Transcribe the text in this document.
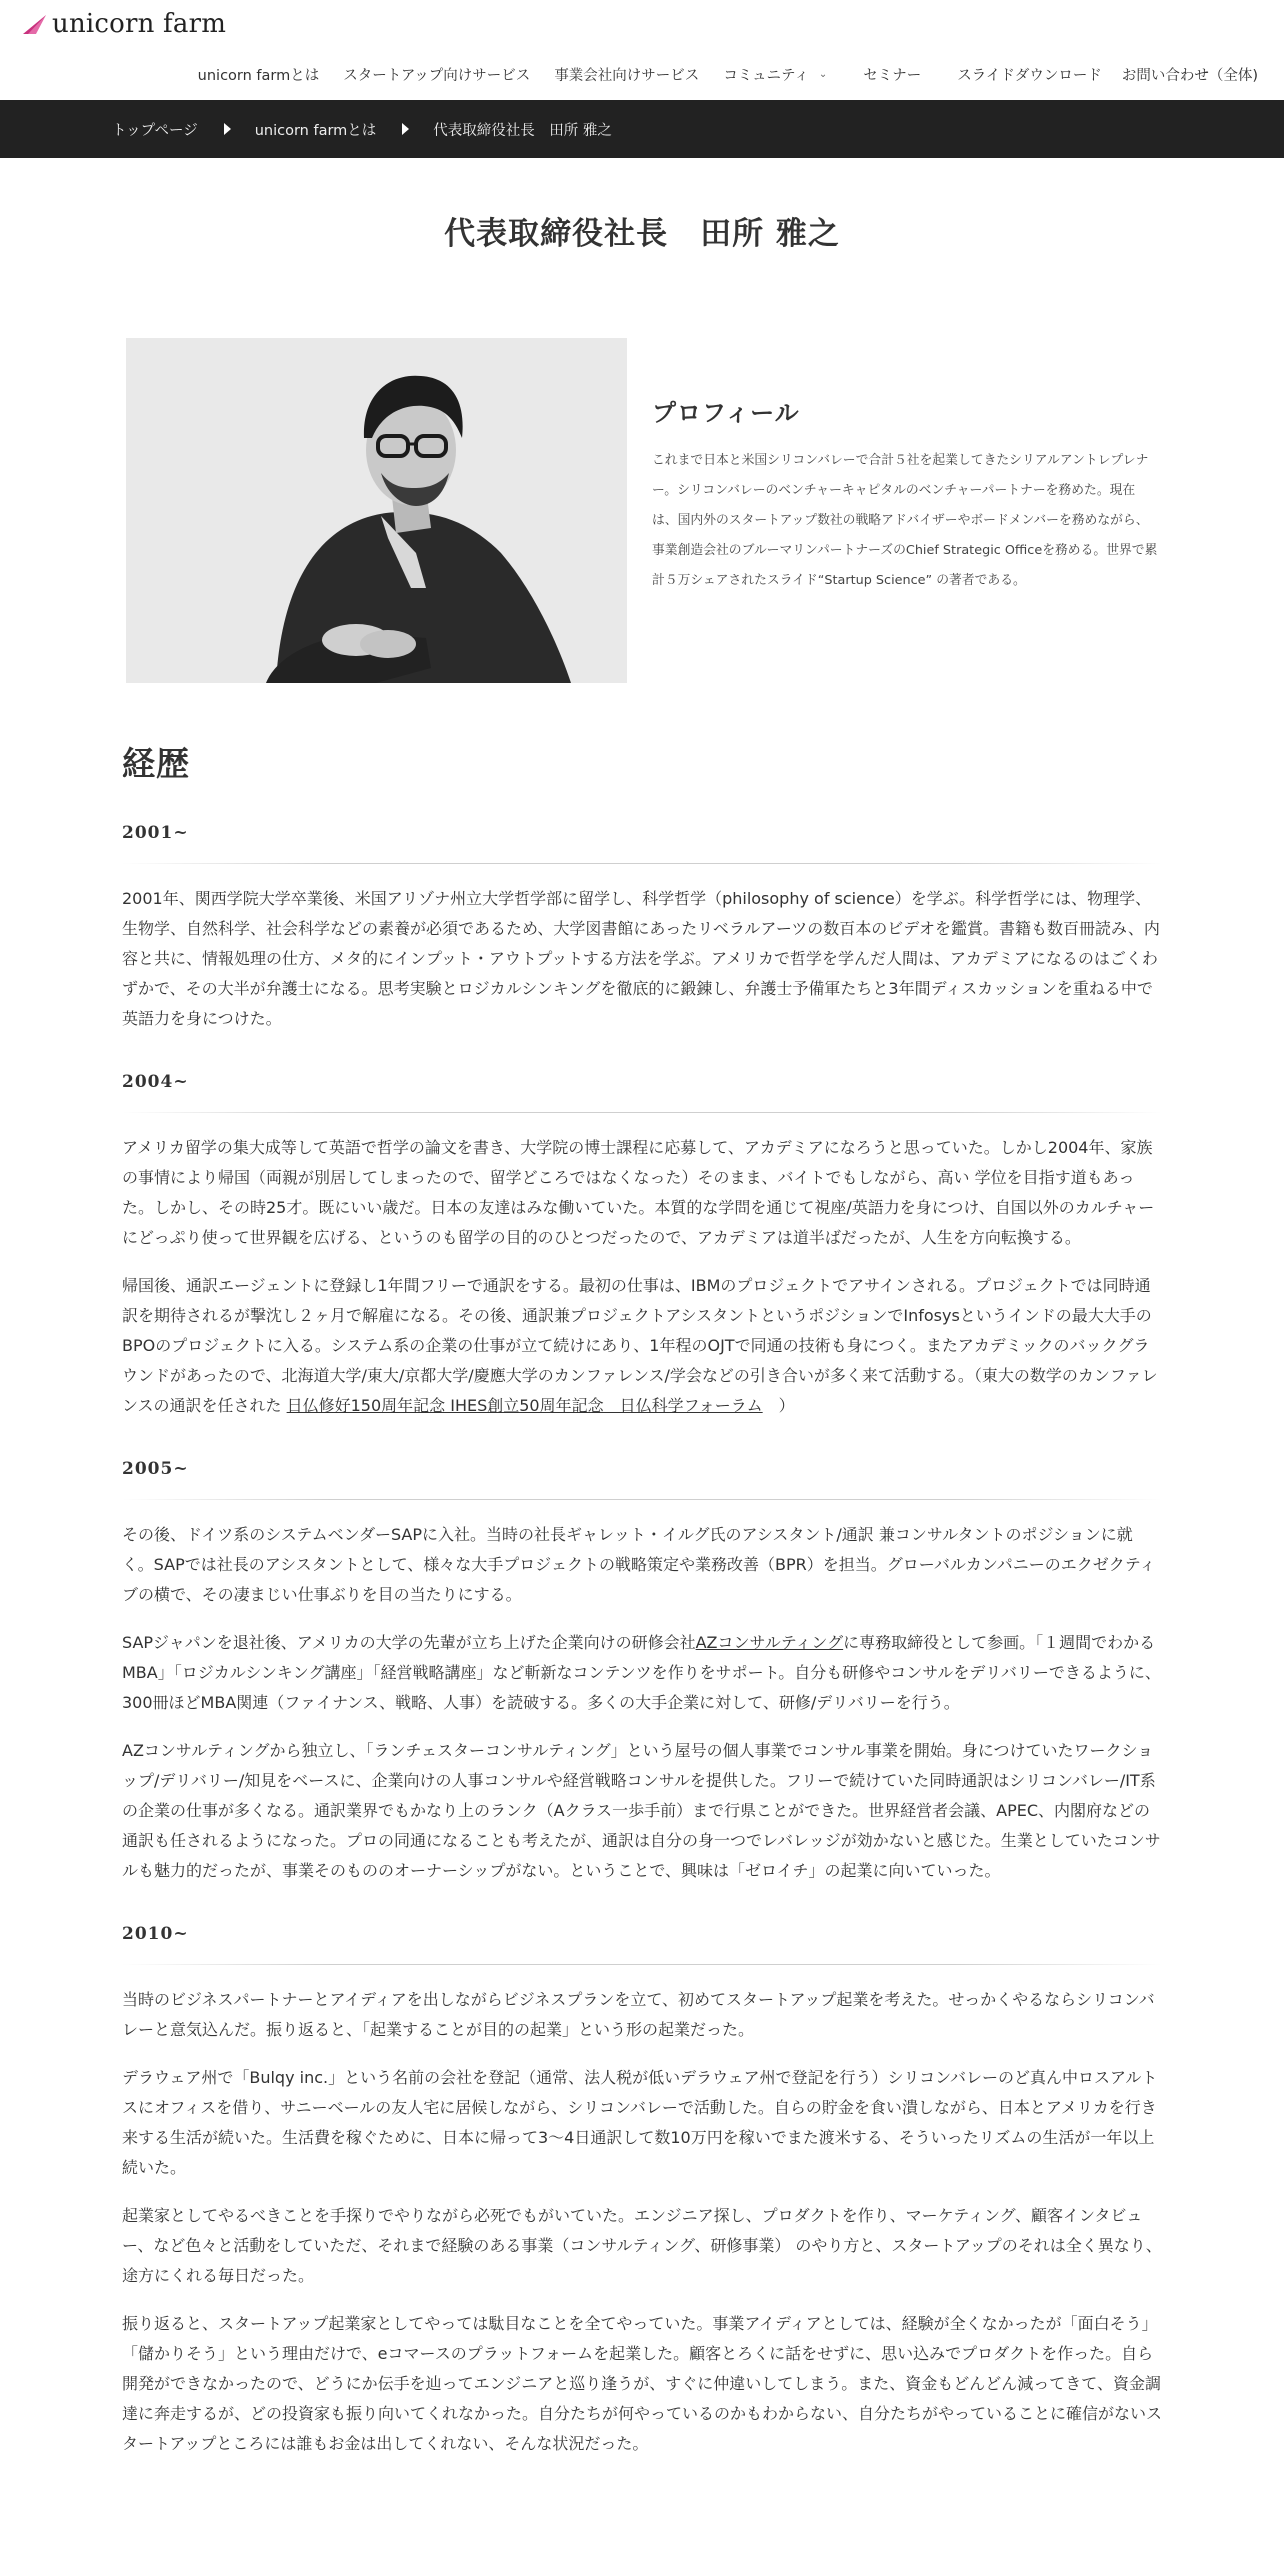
unicorn farm
unicorn farmとは スタートアップ向けサービス 事業会社向けサービス コミュニティ ⌄ セミナー スライドダウンロード お問い合わせ（全体)
トップページ	unicorn farmとは	代表取締役社長　田所 雅之
代表取締役社長　田所 雅之
プロフィール

これまで日本と米国シリコンバレーで合計５社を起業してきたシリアルアントレプレナー。シリコンバレーのベンチャーキャピタルのベンチャーパートナーを務めた。現在は、国内外のスタートアップ数社の戦略アドバイザーやボードメンバーを務めながら、事業創造会社のブルーマリンパートナーズのChief Strategic Officeを務める。世界で累計５万シェアされたスライド“Startup Science” の著者である。

経歴
2001~

2001年、関西学院大学卒業後、米国アリゾナ州立大学哲学部に留学し、科学哲学（philosophy of science）を学ぶ。科学哲学には、物理学、生物学、自然科学、社会科学などの素養が必須であるため、大学図書館にあったリベラルアーツの数百本のビデオを鑑賞。書籍も数百冊読み、内容と共に、情報処理の仕方、メタ的にインプット・アウトプットする方法を学ぶ。アメリカで哲学を学んだ人間は、アカデミアになるのはごくわずかで、その大半が弁護士になる。思考実験とロジカルシンキングを徹底的に鍛錬し、弁護士予備軍たちと3年間ディスカッションを重ねる中で英語力を身につけた。

2004~

アメリカ留学の集大成等して英語で哲学の論文を書き、大学院の博士課程に応募して、アカデミアになろうと思っていた。しかし2004年、家族の事情により帰国（両親が別居してしまったので、留学どころではなくなった）そのまま、バイトでもしながら、高い 学位を目指す道もあった。しかし、その時25才。既にいい歳だ。日本の友達はみな働いていた。本質的な学問を通じて視座/英語力を身につけ、自国以外のカルチャーにどっぷり使って世界観を広げる、というのも留学の目的のひとつだったので、アカデミアは道半ばだったが、人生を方向転換する。

帰国後、通訳エージェントに登録し1年間フリーで通訳をする。最初の仕事は、IBMのプロジェクトでアサインされる。プロジェクトでは同時通訳を期待されるが撃沈し２ヶ月で解雇になる。その後、通訳兼プロジェクトアシスタントというポジションでInfosysというインドの最大大手のBPOのプロジェクトに入る。システム系の企業の仕事が立て続けにあり、1年程のOJTで同通の技術も身につく。またアカデミックのバックグラウンドがあったので、北海道大学/東大/京都大学/慶應大学のカンファレンス/学会などの引き合いが多く来て活動する。（東大の数学のカンファレンスの通訳を任された 日仏修好150周年記念 IHES創立50周年記念　日仏科学フォーラム　）

2005~

その後、ドイツ系のシステムベンダーSAPに入社。当時の社長ギャレット・イルグ氏のアシスタント/通訳 兼コンサルタントのポジションに就く。SAPでは社長のアシスタントとして、様々な大手プロジェクトの戦略策定や業務改善（BPR）を担当。グローバルカンパニーのエクゼクティブの横で、その凄まじい仕事ぶりを目の当たりにする。

SAPジャパンを退社後、アメリカの大学の先輩が立ち上げた企業向けの研修会社AZコンサルティングに専務取締役として参画。「１週間でわかるMBA」「ロジカルシンキング講座」「経営戦略講座」など斬新なコンテンツを作りをサポート。自分も研修やコンサルをデリバリーできるように、300冊ほどMBA関連（ファイナンス、戦略、人事）を読破する。多くの大手企業に対して、研修/デリバリーを行う。

AZコンサルティングから独立し、「ランチェスターコンサルティング」という屋号の個人事業でコンサル事業を開始。身につけていたワークショップ/デリバリー/知見をベースに、企業向けの人事コンサルや経営戦略コンサルを提供した。フリーで続けていた同時通訳はシリコンバレー/IT系の企業の仕事が多くなる。通訳業界でもかなり上のランク（Aクラス一歩手前）まで行県ことができた。世界経営者会議、APEC、内閣府などの通訳も任されるようになった。プロの同通になることも考えたが、通訳は自分の身一つでレバレッジが効かないと感じた。生業としていたコンサルも魅力的だったが、事業そのもののオーナーシップがない。ということで、興味は「ゼロイチ」の起業に向いていった。

2010~

当時のビジネスパートナーとアイディアを出しながらビジネスプランを立て、初めてスタートアップ起業を考えた。せっかくやるならシリコンバレーと意気込んだ。振り返ると、「起業することが目的の起業」という形の起業だった。

デラウェア州で「Bulqy inc.」という名前の会社を登記（通常、法人税が低いデラウェア州で登記を行う）シリコンバレーのど真ん中ロスアルトスにオフィスを借り、サニーベールの友人宅に居候しながら、シリコンバレーで活動した。自らの貯金を食い潰しながら、日本とアメリカを行き来する生活が続いた。生活費を稼ぐために、日本に帰って3〜4日通訳して数10万円を稼いでまた渡米する、そういったリズムの生活が一年以上続いた。

起業家としてやるべきことを手探りでやりながら必死でもがいていた。エンジニア探し、プロダクトを作り、マーケティング、顧客インタビュー、など色々と活動をしていただ、それまで経験のある事業（コンサルティング、研修事業） のやり方と、スタートアップのそれは全く異なり、途方にくれる毎日だった。

振り返ると、スタートアップ起業家としてやっては駄目なことを全てやっていた。事業アイディアとしては、経験が全くなかったが「面白そう」「儲かりそう」という理由だけで、eコマースのプラットフォームを起業した。顧客とろくに話をせずに、思い込みでプロダクトを作った。自ら開発ができなかったので、どうにか伝手を辿ってエンジニアと巡り逢うが、すぐに仲違いしてしまう。また、資金もどんどん減ってきて、資金調達に奔走するが、どの投資家も振り向いてくれなかった。自分たちが何やっているのかもわからない、自分たちがやっていることに確信がないスタートアップところには誰もお金は出してくれない、そんな状況だった。
